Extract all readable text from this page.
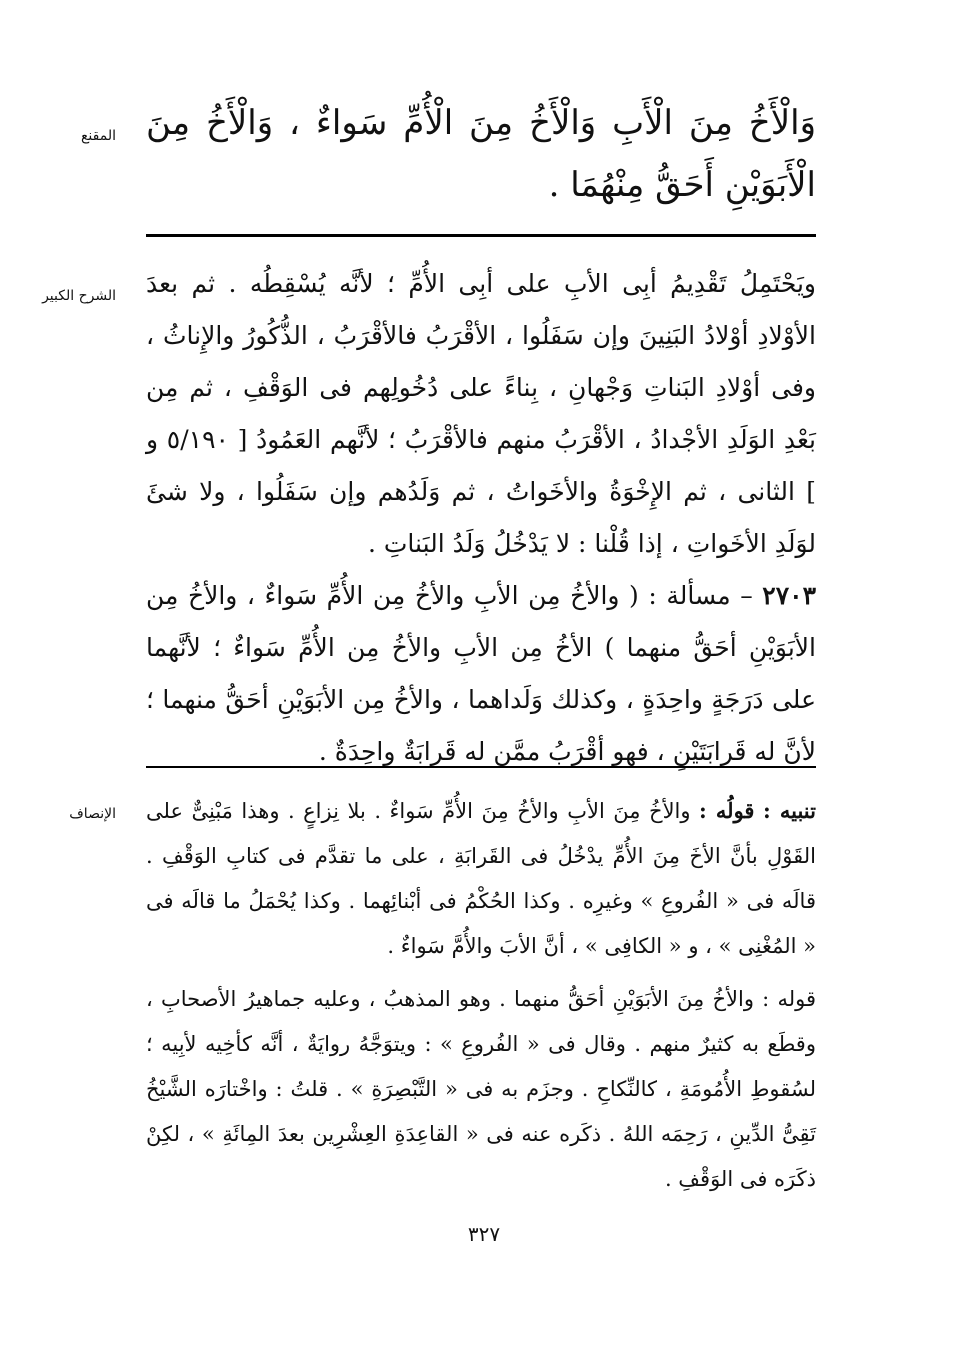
المقنع وَالْأَخُ مِنَ الْأَبِ وَالْأَخُ مِنَ الْأُمِّ سَواءٌ ، وَالْأَخُ مِنَ الْأَبَوَيْنِ أَحَقُّ مِنْهُمَا .
الشرح الكبير ويَحْتَمِلُ تَقْدِيمُ أبِى الأبِ على أبِى الأُمِّ ؛ لأنَّه يُسْقِطُه . ثم بعدَ الأوْلادِ أوْلادُ البَنِينَ وإن سَفَلُوا ، الأقْرَبُ فالأقْرَبُ ، الذُّكُورُ والإِناثُ ، وفى أوْلادِ البَناتِ وَجْهانِ ، بِناءً على دُخُولِهم فى الوَقْفِ ، ثم مِن بَعْدِ الوَلَدِ الأجْدادُ ، الأقْرَبُ منهم فالأقْرَبُ ؛ لأنَّهم العَمُودُ [ ٥/١٩٠ و ] الثانى ، ثم الإِخْوَةُ والأخَواتُ ، ثم وَلَدُهم وإن سَفَلُوا ، ولا شئَ لوَلَدِ الأخَواتِ ، إذا قُلْنا : لا يَدْخُلُ وَلَدُ البَناتِ .

٢٧٠٣ – مسألة : ( والأخُ مِن الأبِ والأخُ مِن الأُمِّ سَواءٌ ، والأخُ مِن الأبَوَيْنِ أحَقُّ منهما ) الأخُ مِن الأبِ والأخُ مِن الأُمِّ سَواءٌ ؛ لأنَّهما على دَرَجَةٍ واحِدَةٍ ، وكذلك وَلَداهما ، والأخُ مِن الأبَوَيْنِ أحَقُّ منهما ؛ لأنَّ له قَرابَتَيْنِ ، فهو أقْرَبُ ممَّن له قَرابَةٌ واحِدَةٌ .

الإنصاف	تنبيه : قولُه : والأخُ مِنَ الأبِ والأخُ مِنَ الأُمِّ سَواءٌ . بلا نِزاعٍ . وهذا مَبْنِىٌّ على القَوْلِ بأنَّ الأخَ مِنَ الأُمِّ يدْخُلُ فى القَرابَةِ ، على ما تقدَّم فى كتابِ الوَقْفِ . قالَه فى « الفُروعِ » وغيرِه . وكذا الحُكْمُ فى أبْنائِهما . وكذا يُحْمَلُ ما قالَه فى « المُغْنِى » ، و « الكافِى » ، أنَّ الأبَ والأُمَّ سَواءٌ .

قوله : والأخُ مِنَ الأبَوَيْنِ أحَقُّ منهما . وهو المذهبُ ، وعليه جماهيرُ الأصحابِ ، وقطَع به كثيرٌ منهم . وقال فى « الفُروعِ » : ويتوَجَّهُ روايَةٌ ، أنَّه كأخِيه لأبِيه ؛ لسُقوطِ الأُمُومَةِ ، كالنِّكاحِ . وجزَم به فى « التَّبْصِرَةِ » . قلتُ : واخْتارَه الشَّيْخُ تَقِىُّ الدِّينِ ، رَحِمَه اللهُ . ذكَره عنه فى « القاعِدَةِ العِشْرِين بعدَ المِائَةِ » ، لكِنْ ذكَرَه فى الوَقْفِ .

٣٢٧
